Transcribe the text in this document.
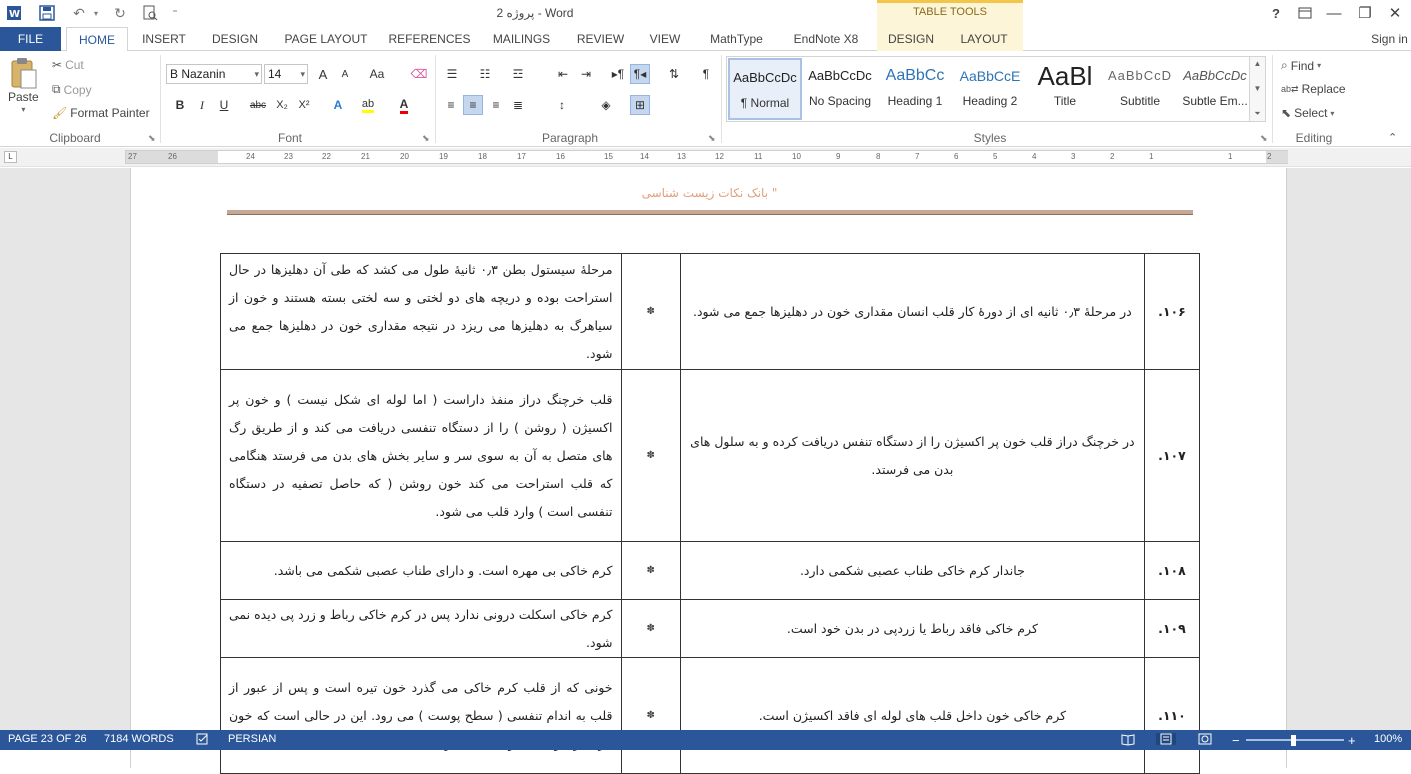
W	↶	▾ ↻	⁼	پروژه 2 - Word	TABLE TOOLS	?	— ❐	✕
FILE	HOME	INSERT	DESIGN	PAGE LAYOUT	REFERENCES	MAILINGS	REVIEW	VIEW	MathType	EndNote X8	DESIGN	LAYOUT	Sign in
Paste
▾
✂ Cut
⧉ Copy
🖌 Format Painter
Clipboard	⬊
B Nazanin	▾ 14 ▾	A	A	Aa	⌫
B	I	U	abc X₂ X²	A	ab A
Font	⬊
☰	☷	☲	⇤	⇥	▸¶ ¶◂	⇅	¶
≡	≡	≡	≣	↕	◈	⊞
Paragraph	⬊
AaBbCcDc
¶ Normal
AaBbCcDc
No Spacing
AaBbCc
Heading 1
AaBbCcE
Heading 2
AaBl
Title
AaBbCcD
Subtitle
AaBbCcDc
Subtle Em...
▲
▼
⏷
Styles	⬊
⌕ Find ▾
ab⇄ Replace
⬉ Select ▾
Editing	⌃
L	27	26	24	23	22	21	20	19	18	17	16	15	14	13	12	11	10	9	8	7	6	5	4	3	2	1	1	2
بانک نکات زیست شناسی "
۱۰۶.	در مرحلهٔ ۰٫۳ ثانیه ای از دورهٔ کار قلب انسان مقداری خون در دهلیزها جمع می شود.	✽	مرحلهٔ سیستول بطن ۰٫۳ ثانیهٔ طول می کشد که طی آن دهلیزها در حال استراحت بوده و دریچه های دو لختی و سه لختی بسته هستند و خون از سیاهرگ به دهلیزها می ریزد در نتیجه مقداری خون در دهلیزها جمع می شود.
۱۰۷.	در خرچنگ دراز قلب خون پر اکسیژن را از دستگاه تنفس دریافت کرده و به سلول های بدن می فرستد.	✽	قلب خرچنگ دراز منفذ داراست ( اما لوله ای شکل نیست ) و خون پر اکسیژن ( روشن ) را از دستگاه تنفسی دریافت می کند و از طریق رگ های متصل به آن به سوی سر و سایر بخش های بدن می فرستد هنگامی که قلب استراحت می کند خون روشن ( که حاصل تصفیه در دستگاه تنفسی است ) وارد قلب می شود.
۱۰۸.	جاندار کرم خاکی طناب عصبی شکمی دارد.	✽	کرم خاکی بی مهره است. و دارای طناب عصبی شکمی می باشد.
۱۰۹.	کرم خاکی فاقد رباط یا زردپی در بدن خود است.	✽	کرم خاکی اسکلت درونی ندارد پس در کرم خاکی رباط و زرد پی دیده نمی شود.
۱۱۰.	کرم خاکی خون داخل قلب های لوله ای فاقد اکسیژن است.	✽	خونی که از قلب کرم خاکی می گذرد خون تیره است و پس از عبور از قلب به اندام تنفسی ( سطح پوست ) می رود. این در حالی است که خون
PAGE 23 OF 26 7184 WORDS	PERSIAN	−	+ 100%
